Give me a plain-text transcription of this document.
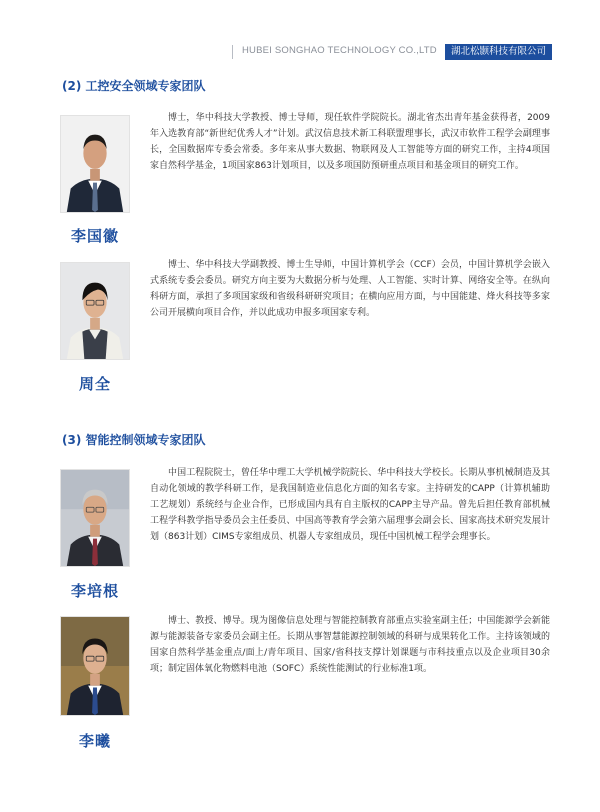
HUBEI SONGHAO TECHNOLOGY CO.,LTD	湖北松颢科技有限公司
(2) 工控安全领域专家团队
李国徽
博士，华中科技大学教授、博士导师，现任软件学院院长。湖北省杰出青年基金获得者，2009年入选教育部“新世纪优秀人才”计划。武汉信息技术新工科联盟理事长，武汉市软件工程学会副理事长，全国数据库专委会常委。多年来从事大数据、物联网及人工智能等方面的研究工作，主持4项国家自然科学基金，1项国家863计划项目，以及多项国防预研重点项目和基金项目的研究工作。
周全
博士、华中科技大学副教授、博士生导师，中国计算机学会（CCF）会员，中国计算机学会嵌入式系统专委会委员。研究方向主要为大数据分析与处理、人工智能、实时计算、网络安全等。在纵向科研方面，承担了多项国家级和省级科研研究项目；在横向应用方面，与中国能建、烽火科技等多家公司开展横向项目合作，并以此成功申报多项国家专利。
(3) 智能控制领域专家团队
李培根
中国工程院院士，曾任华中理工大学机械学院院长、华中科技大学校长。长期从事机械制造及其自动化领域的教学科研工作，是我国制造业信息化方面的知名专家。主持研发的CAPP（计算机辅助工艺规划）系统经与企业合作，已形成国内具有自主版权的CAPP主导产品。曾先后担任教育部机械工程学科教学指导委员会主任委员、中国高等教育学会第六届理事会副会长、国家高技术研究发展计划（863计划）CIMS专家组成员、机器人专家组成员，现任中国机械工程学会理事长。
李曦
博士、教授、博导。现为图像信息处理与智能控制教育部重点实验室副主任；中国能源学会新能源与能源装备专家委员会副主任。长期从事智慧能源控制领域的科研与成果转化工作。主持该领域的国家自然科学基金重点/面上/青年项目、国家/省科技支撑计划课题与市科技重点以及企业项目30余项；制定固体氧化物燃料电池（SOFC）系统性能测试的行业标准1项。
